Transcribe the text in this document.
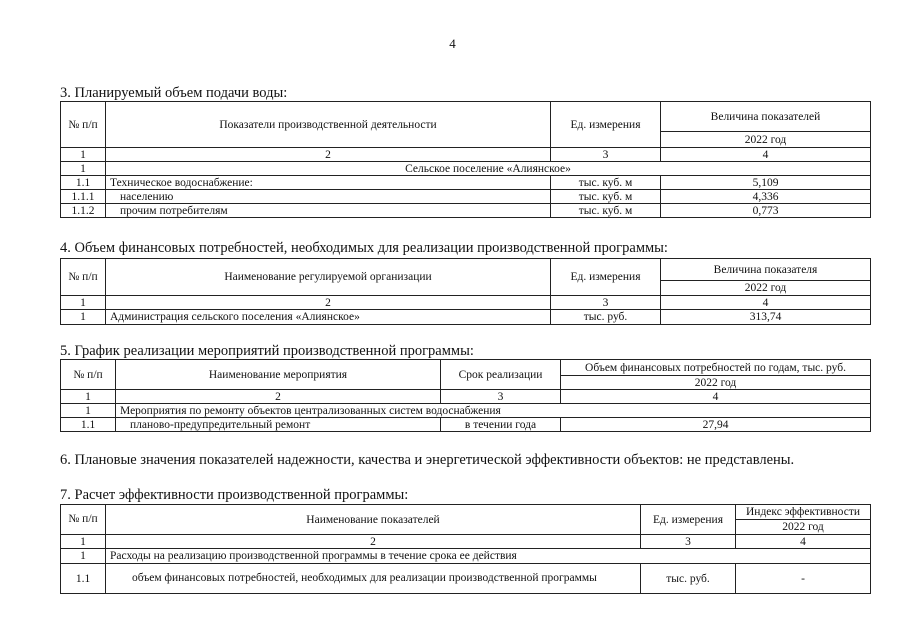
4
3. Планируемый объем подачи воды:
№ п/п	Показатели производственной деятельности	Ед. измерения	Величина показателей
			2022 год
1	2	3	4
1	Сельское поселение «Алиянское»		
1.1	Техническое водоснабжение:	тыс. куб. м	5,109
1.1.1	населению	тыс. куб. м	4,336
1.1.2	прочим потребителям	тыс. куб. м	0,773
4. Объем финансовых потребностей, необходимых для реализации производственной программы:
№ п/п	Наименование регулируемой организации	Ед. измерения	Величина показателя
			2022 год
1	2	3	4
1	Администрация сельского поселения «Алиянское»	тыс. руб.	313,74
5. График реализации мероприятий производственной программы:
№ п/п	Наименование мероприятия	Срок реализации	Объем финансовых потребностей по годам, тыс. руб.
			2022 год
1	2	3	4
1	Мероприятия по ремонту объектов централизованных систем водоснабжения		
1.1	планово-предупредительный ремонт	в течении года	27,94
6. Плановые значения показателей надежности, качества и энергетической эффективности объектов: не представлены.
7. Расчет эффективности производственной программы:
№ п/п	Наименование показателей	Ед. измерения	Индекс эффективности
			2022 год
1	2	3	4
1	Расходы на реализацию производственной программы в течение срока ее действия		
1.1	объем финансовых потребностей, необходимых для реализации производственной программы	тыс. руб.	-
